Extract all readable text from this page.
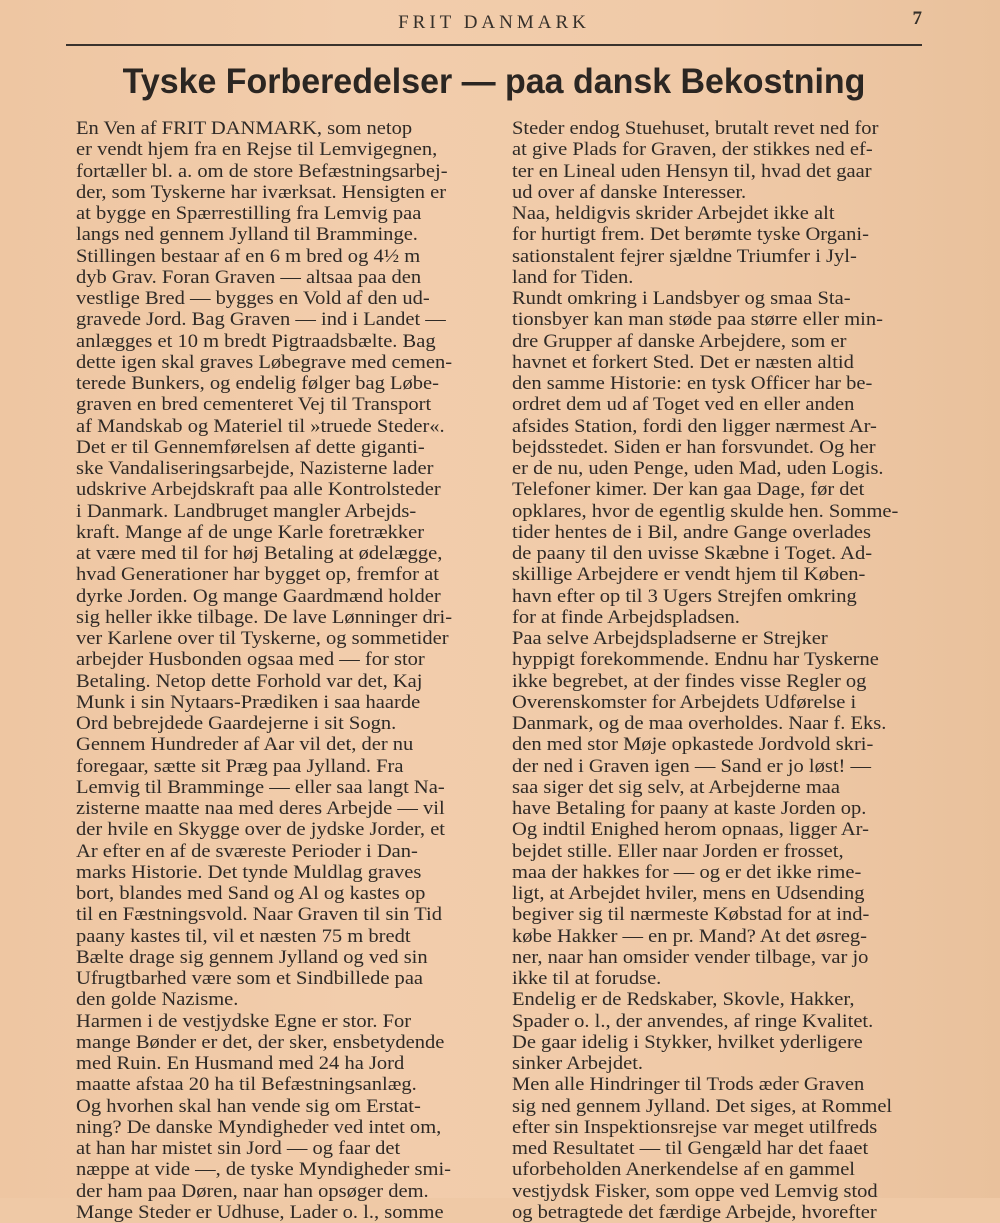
FRIT DANMARK	7
Tyske Forberedelser — paa dansk Bekostning
En Ven af FRIT DANMARK, som netop
er vendt hjem fra en Rejse til Lemvigegnen,
fortæller bl. a. om de store Befæstningsarbej-
der, som Tyskerne har iværksat. Hensigten er
at bygge en Spærrestilling fra Lemvig paa
langs ned gennem Jylland til Bramminge.
Stillingen bestaar af en 6 m bred og 4½ m
dyb Grav. Foran Graven — altsaa paa den
vestlige Bred — bygges en Vold af den ud-
gravede Jord. Bag Graven — ind i Landet —
anlægges et 10 m bredt Pigtraadsbælte. Bag
dette igen skal graves Løbegrave med cemen-
terede Bunkers, og endelig følger bag Løbe-
graven en bred cementeret Vej til Transport
af Mandskab og Materiel til »truede Steder«.
Det er til Gennemførelsen af dette giganti-
ske Vandaliseringsarbejde, Nazisterne lader
udskrive Arbejdskraft paa alle Kontrolsteder
i Danmark. Landbruget mangler Arbejds-
kraft. Mange af de unge Karle foretrækker
at være med til for høj Betaling at ødelægge,
hvad Generationer har bygget op, fremfor at
dyrke Jorden. Og mange Gaardmænd holder
sig heller ikke tilbage. De lave Lønninger dri-
ver Karlene over til Tyskerne, og sommetider
arbejder Husbonden ogsaa med — for stor
Betaling. Netop dette Forhold var det, Kaj
Munk i sin Nytaars-Prædiken i saa haarde
Ord bebrejdede Gaardejerne i sit Sogn.
Gennem Hundreder af Aar vil det, der nu
foregaar, sætte sit Præg paa Jylland. Fra
Lemvig til Bramminge — eller saa langt Na-
zisterne maatte naa med deres Arbejde — vil
der hvile en Skygge over de jydske Jorder, et
Ar efter en af de sværeste Perioder i Dan-
marks Historie. Det tynde Muldlag graves
bort, blandes med Sand og Al og kastes op
til en Fæstningsvold. Naar Graven til sin Tid
paany kastes til, vil et næsten 75 m bredt
Bælte drage sig gennem Jylland og ved sin
Ufrugtbarhed være som et Sindbillede paa
den golde Nazisme.
Harmen i de vestjydske Egne er stor. For
mange Bønder er det, der sker, ensbetydende
med Ruin. En Husmand med 24 ha Jord
maatte afstaa 20 ha til Befæstningsanlæg.
Og hvorhen skal han vende sig om Erstat-
ning? De danske Myndigheder ved intet om,
at han har mistet sin Jord — og faar det
næppe at vide —, de tyske Myndigheder smi-
der ham paa Døren, naar han opsøger dem.
Mange Steder er Udhuse, Lader o. l., somme
Steder endog Stuehuset, brutalt revet ned for
at give Plads for Graven, der stikkes ned ef-
ter en Lineal uden Hensyn til, hvad det gaar
ud over af danske Interesser.
Naa, heldigvis skrider Arbejdet ikke alt
for hurtigt frem. Det berømte tyske Organi-
sationstalent fejrer sjældne Triumfer i Jyl-
land for Tiden.
Rundt omkring i Landsbyer og smaa Sta-
tionsbyer kan man støde paa større eller min-
dre Grupper af danske Arbejdere, som er
havnet et forkert Sted. Det er næsten altid
den samme Historie: en tysk Officer har be-
ordret dem ud af Toget ved en eller anden
afsides Station, fordi den ligger nærmest Ar-
bejdsstedet. Siden er han forsvundet. Og her
er de nu, uden Penge, uden Mad, uden Logis.
Telefoner kimer. Der kan gaa Dage, før det
opklares, hvor de egentlig skulde hen. Somme-
tider hentes de i Bil, andre Gange overlades
de paany til den uvisse Skæbne i Toget. Ad-
skillige Arbejdere er vendt hjem til Køben-
havn efter op til 3 Ugers Strejfen omkring
for at finde Arbejdspladsen.
Paa selve Arbejdspladserne er Strejker
hyppigt forekommende. Endnu har Tyskerne
ikke begrebet, at der findes visse Regler og
Overenskomster for Arbejdets Udførelse i
Danmark, og de maa overholdes. Naar f. Eks.
den med stor Møje opkastede Jordvold skri-
der ned i Graven igen — Sand er jo løst! —
saa siger det sig selv, at Arbejderne maa
have Betaling for paany at kaste Jorden op.
Og indtil Enighed herom opnaas, ligger Ar-
bejdet stille. Eller naar Jorden er frosset,
maa der hakkes for — og er det ikke rime-
ligt, at Arbejdet hviler, mens en Udsending
begiver sig til nærmeste Købstad for at ind-
købe Hakker — en pr. Mand? At det øsreg-
ner, naar han omsider vender tilbage, var jo
ikke til at forudse.
Endelig er de Redskaber, Skovle, Hakker,
Spader o. l., der anvendes, af ringe Kvalitet.
De gaar idelig i Stykker, hvilket yderligere
sinker Arbejdet.
Men alle Hindringer til Trods æder Graven
sig ned gennem Jylland. Det siges, at Rommel
efter sin Inspektionsrejse var meget utilfreds
med Resultatet — til Gengæld har det faaet
uforbeholden Anerkendelse af en gammel
vestjydsk Fisker, som oppe ved Lemvig stod
og betragtede det færdige Arbejde, hvorefter
